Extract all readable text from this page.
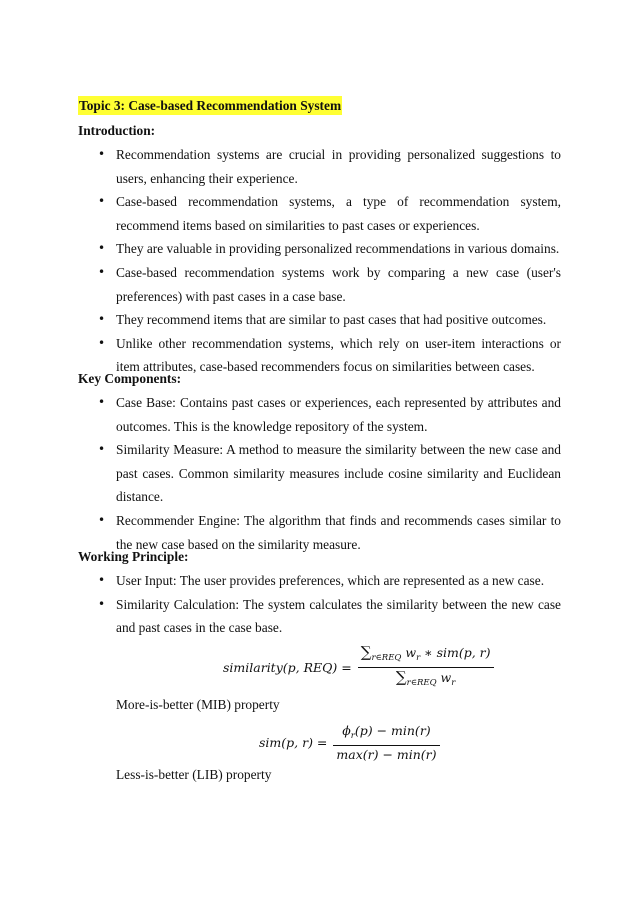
Topic 3: Case-based Recommendation System
Introduction:
• Recommendation systems are crucial in providing personalized suggestions to users, enhancing their experience.
• Case-based recommendation systems, a type of recommendation system, recommend items based on similarities to past cases or experiences.
• They are valuable in providing personalized recommendations in various domains.
• Case-based recommendation systems work by comparing a new case (user's preferences) with past cases in a case base.
• They recommend items that are similar to past cases that had positive outcomes.
• Unlike other recommendation systems, which rely on user-item interactions or item attributes, case-based recommenders focus on similarities between cases.
Key Components:
• Case Base: Contains past cases or experiences, each represented by attributes and outcomes. This is the knowledge repository of the system.
• Similarity Measure: A method to measure the similarity between the new case and past cases. Common similarity measures include cosine similarity and Euclidean distance.
• Recommender Engine: The algorithm that finds and recommends cases similar to the new case based on the similarity measure.
Working Principle:
• User Input: The user provides preferences, which are represented as a new case.
• Similarity Calculation: The system calculates the similarity between the new case and past cases in the case base.
similarity(p, $REQ) = \frac{\sum_{r\in REQ} w_r ∗ sim(p, r)}{\sum_{r\in REQ} w_r}$
More-is-better (MIB) property
sim(p, $r) = \frac{\phi_r(p) - \min(r)}{\max(r) - \min(r)}$
Less-is-better (LIB) property
